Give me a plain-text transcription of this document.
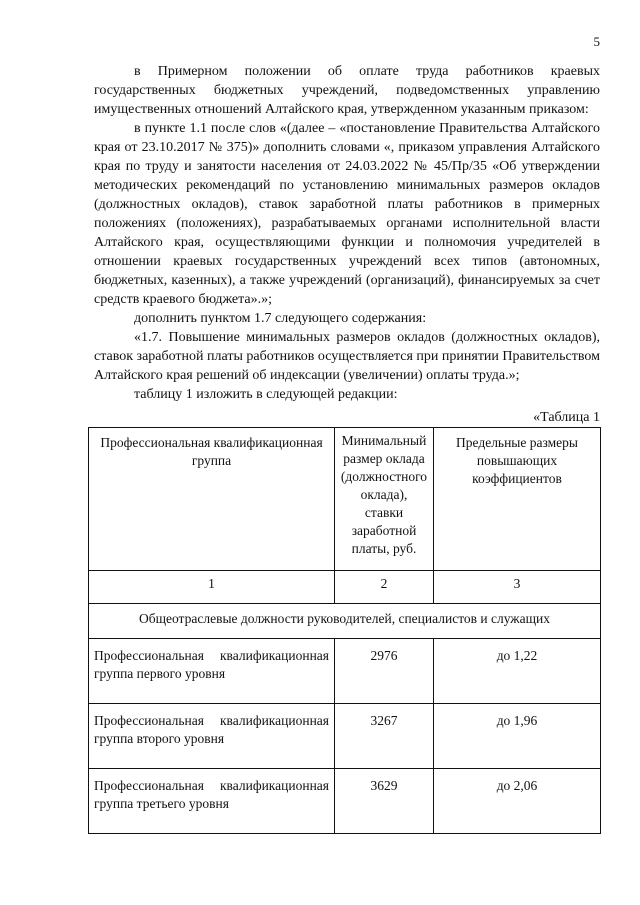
5

в Примерном положении об оплате труда работников краевых государственных бюджетных учреждений, подведомственных управлению имущественных отношений Алтайского края, утвержденном указанным приказом:

в пункте 1.1 после слов «(далее – «постановление Правительства Алтайского края от 23.10.2017 № 375)» дополнить словами «, приказом управления Алтайского края по труду и занятости населения от 24.03.2022 № 45/Пр/35 «Об утверждении методических рекомендаций по установлению минимальных размеров окладов (должностных окладов), ставок заработной платы работников в примерных положениях (положениях), разрабатываемых органами исполнительной власти Алтайского края, осуществляющими функции и полномочия учредителей в отношении краевых государственных учреждений всех типов (автономных, бюджетных, казенных), а также учреждений (организаций), финансируемых за счет средств краевого бюджета».»;

дополнить пунктом 1.7 следующего содержания:

«1.7. Повышение минимальных размеров окладов (должностных окладов), ставок заработной платы работников осуществляется при принятии Правительством Алтайского края решений об индексации (увеличении) оплаты труда.»;

таблицу 1 изложить в следующей редакции:

«Таблица 1
Профессиональная квалификационная группа	Минимальный размер оклада (должностного оклада), ставки заработной платы, руб.	Предельные размеры повышающих коэффициентов
1	2	3
Общеотраслевые должности руководителей, специалистов и служащих		
Профессиональная квалификационная группа первого уровня	2976	до 1,22
Профессиональная квалификационная группа второго уровня	3267	до 1,96
Профессиональная квалификационная группа третьего уровня	3629	до 2,06
